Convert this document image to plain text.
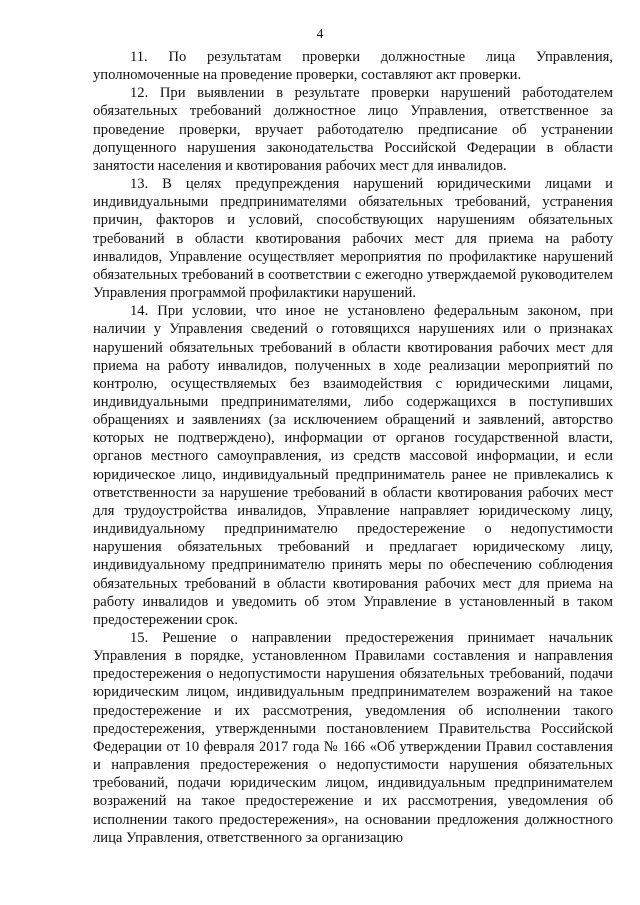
4

11. По результатам проверки должностные лица Управления, уполномоченные на проведение проверки, составляют акт проверки.

12. При выявлении в результате проверки нарушений работодателем обязательных требований должностное лицо Управления, ответственное за проведение проверки, вручает работодателю предписание об устранении допущенного нарушения законодательства Российской Федерации в области занятости населения и квотирования рабочих мест для инвалидов.

13. В целях предупреждения нарушений юридическими лицами и индивидуальными предпринимателями обязательных требований, устранения причин, факторов и условий, способствующих нарушениям обязательных требований в области квотирования рабочих мест для приема на работу инвалидов, Управление осуществляет мероприятия по профилактике нарушений обязательных требований в соответствии с ежегодно утверждаемой руководителем Управления программой профилактики нарушений.

14. При условии, что иное не установлено федеральным законом, при наличии у Управления сведений о готовящихся нарушениях или о признаках нарушений обязательных требований в области квотирования рабочих мест для приема на работу инвалидов, полученных в ходе реализации мероприятий по контролю, осуществляемых без взаимодействия с юридическими лицами, индивидуальными предпринимателями, либо содержащихся в поступивших обращениях и заявлениях (за исключением обращений и заявлений, авторство которых не подтверждено), информации от органов государственной власти, органов местного самоуправления, из средств массовой информации, и если юридическое лицо, индивидуальный предприниматель ранее не привлекались к ответственности за нарушение требований в области квотирования рабочих мест для трудоустройства инвалидов, Управление направляет юридическому лицу, индивидуальному предпринимателю предостережение о недопустимости нарушения обязательных требований и предлагает юридическому лицу, индивидуальному предпринимателю принять меры по обеспечению соблюдения обязательных требований в области квотирования рабочих мест для приема на работу инвалидов и уведомить об этом Управление в установленный в таком предостережении срок.

15. Решение о направлении предостережения принимает начальник Управления в порядке, установленном Правилами составления и направления предостережения о недопустимости нарушения обязательных требований, подачи юридическим лицом, индивидуальным предпринимателем возражений на такое предостережение и их рассмотрения, уведомления об исполнении такого предостережения, утвержденными постановлением Правительства Российской Федерации от 10 февраля 2017 года № 166 «Об утверждении Правил составления и направления предостережения о недопустимости нарушения обязательных требований, подачи юридическим лицом, индивидуальным предпринимателем возражений на такое предостережение и их рассмотрения, уведомления об исполнении такого предостережения», на основании предложения должностного лица Управления, ответственного за организацию
